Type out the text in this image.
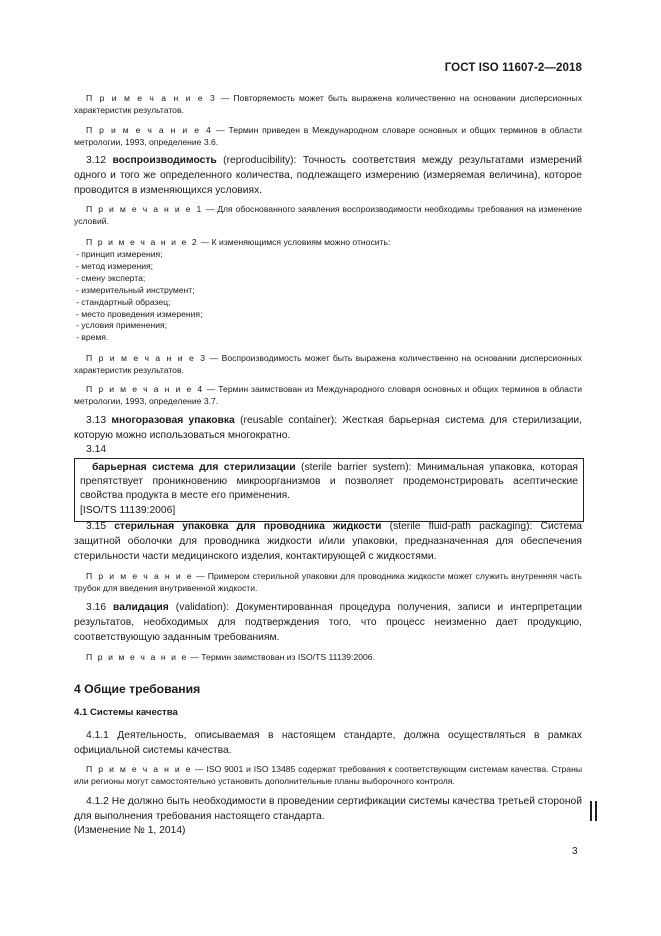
ГОСТ ISO 11607-2—2018
П р и м е ч а н и е 3 — Повторяемость может быть выражена количественно на основании дисперсионных характеристик результатов.
П р и м е ч а н и е 4 — Термин приведен в Международном словаре основных и общих терминов в области метрологии, 1993, определение 3.6.
3.12 воспроизводимость (reproducibility): Точность соответствия между результатами измерений одного и того же определенного количества, подлежащего измерению (измеряемая величина), которое проводится в изменяющихся условиях.
П р и м е ч а н и е 1 — Для обоснованного заявления воспроизводимости необходимы требования на изменение условий.
П р и м е ч а н и е 2 — К изменяющимся условиям можно относить:
- принцип измерения;
- метод измерения;
- смену эксперта;
- измерительный инструмент;
- стандартный образец;
- место проведения измерения;
- условия применения;
- время.
П р и м е ч а н и е 3 — Воспроизводимость может быть выражена количественно на основании дисперсионных характеристик результатов.
П р и м е ч а н и е 4 — Термин заимствован из Международного словаря основных и общих терминов в области метрологии, 1993, определение 3.7.
3.13 многоразовая упаковка (reusable container): Жесткая барьерная система для стерилизации, которую можно использоваться многократно.
3.14
барьерная система для стерилизации (sterile barrier system): Минимальная упаковка, которая препятствует проникновению микроорганизмов и позволяет продемонстрировать асептические свойства продукта в месте его применения.
[ISO/TS 11139:2006]
3.15 стерильная упаковка для проводника жидкости (sterile fluid-path packaging): Система защитной оболочки для проводника жидкости и/или упаковки, предназначенная для обеспечения стерильности части медицинского изделия, контактирующей с жидкостями.
П р и м е ч а н и е — Примером стерильной упаковки для проводника жидкости может служить внутренняя часть трубок для введения внутривенной жидкости.
3.16 валидация (validation): Документированная процедура получения, записи и интерпретации результатов, необходимых для подтверждения того, что процесс неизменно дает продукцию, соответствующую заданным требованиям.
П р и м е ч а н и е — Термин заимствован из ISO/TS 11139:2006.
4 Общие требования
4.1 Системы качества
4.1.1 Деятельность, описываемая в настоящем стандарте, должна осуществляться в рамках официальной системы качества.
П р и м е ч а н и е — ISO 9001 и ISO 13485 содержат требования к соответствующим системам качества. Страны или регионы могут самостоятельно установить дополнительные планы выборочного контроля.
4.1.2 Не должно быть необходимости в проведении сертификации системы качества третьей стороной для выполнения требования настоящего стандарта.
(Изменение № 1, 2014)
3
